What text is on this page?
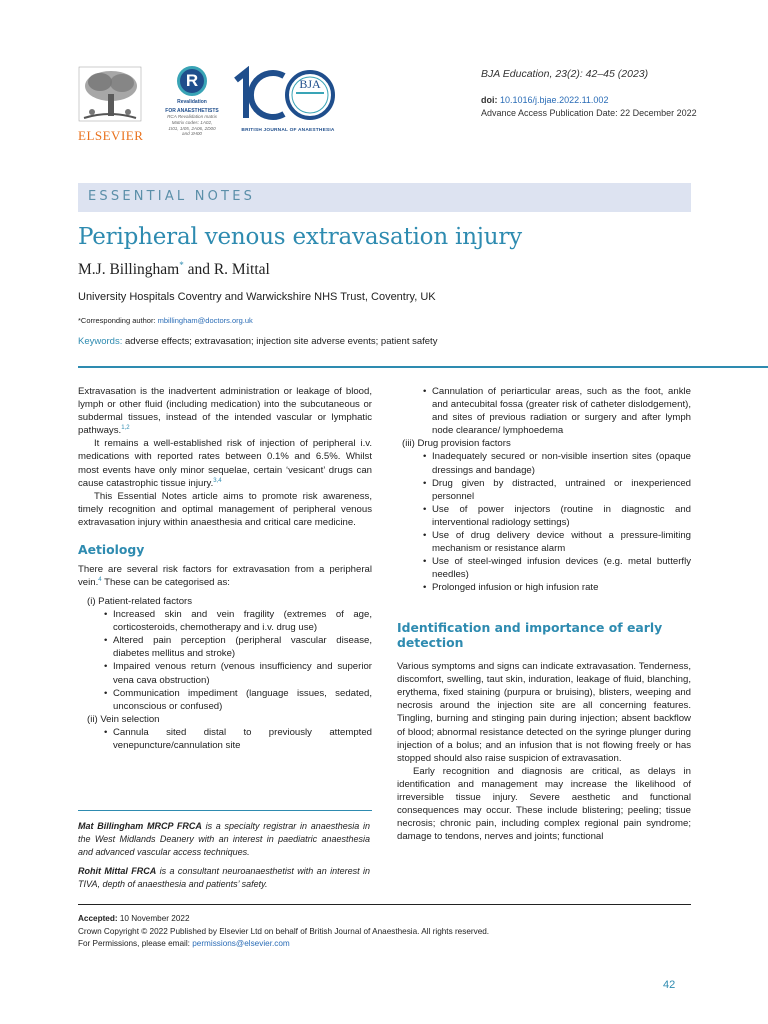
ELSEVIER
R
Revalidation
FOR ANAESTHETISTS
RCA Revalidation matrix
Matrix codes: 1A02,
1I01, 1I05, 2A06, 2D00
and 3H00
BJA
BRITISH JOURNAL OF ANAESTHESIA
BJA Education, 23(2): 42–45 (2023)
doi: 10.1016/j.bjae.2022.11.002
Advance Access Publication Date: 22 December 2022
ESSENTIAL NOTES
Peripheral venous extravasation injury
M.J. Billingham* and R. Mittal
University Hospitals Coventry and Warwickshire NHS Trust, Coventry, UK
*Corresponding author: mbillingham@doctors.org.uk
Keywords: adverse effects; extravasation; injection site adverse events; patient safety

Extravasation is the inadvertent administration or leakage of blood, lymph or other fluid (including medication) into the subcutaneous or subdermal tissues, instead of the intended vascular or lymphatic pathways.$^{1,2}$

It remains a well-established risk of injection of peripheral i.v. medications with reported rates between 0.1% and 6.5%. Whilst most events have only minor sequelae, certain ‘vesicant’ drugs can cause catastrophic tissue injury.$^{3,4}$

This Essential Notes article aims to promote risk awareness, timely recognition and optimal management of peripheral venous extravasation injury within anaesthesia and critical care medicine.

Aetiology

There are several risk factors for extravasation from a peripheral vein.$^4$ These can be categorised as:

(i) Patient-related factors
• Increased skin and vein fragility (extremes of age, corticosteroids, chemotherapy and i.v. drug use)
• Altered pain perception (peripheral vascular disease, diabetes mellitus and stroke)
• Impaired venous return (venous insufficiency and superior vena cava obstruction)
• Communication impediment (language issues, sedated, unconscious or confused)
(ii) Vein selection
• Cannula sited distal to previously attempted venepuncture/cannulation site
• Cannulation of periarticular areas, such as the foot, ankle and antecubital fossa (greater risk of catheter dislodgement), and sites of previous radiation or surgery and after lymph node clearance/ lymphoedema
(iii) Drug provision factors
• Inadequately secured or non-visible insertion sites (opaque dressings and bandage)
• Drug given by distracted, untrained or inexperienced personnel
• Use of power injectors (routine in diagnostic and interventional radiology settings)
• Use of drug delivery device without a pressure-limiting mechanism or resistance alarm
• Use of steel-winged infusion devices (e.g. metal butterfly needles)
• Prolonged infusion or high infusion rate
Identification and importance of early detection

Various symptoms and signs can indicate extravasation. Tenderness, discomfort, swelling, taut skin, induration, leakage of fluid, blanching, erythema, fixed staining (purpura or bruising), blisters, weeping and necrosis around the injection site are all concerning features. Tingling, burning and stinging pain during injection; absent backflow of blood; abnormal resistance detected on the syringe plunger during injection of a bolus; and an infusion that is not flowing freely or has stopped should also raise suspicion of extravasation.

Early recognition and diagnosis are critical, as delays in identification and management may increase the likelihood of irreversible tissue injury. Severe aesthetic and functional consequences may occur. These include blistering; peeling; tissue necrosis; chronic pain, including complex regional pain syndrome; damage to tendons, nerves and joints; functional

Mat Billingham MRCP FRCA is a specialty registrar in anaesthesia in the West Midlands Deanery with an interest in paediatric anaesthesia and advanced vascular access techniques.

Rohit Mittal FRCA is a consultant neuroanaesthetist with an interest in TIVA, depth of anaesthesia and patients’ safety.

Accepted: 10 November 2022
Crown Copyright © 2022 Published by Elsevier Ltd on behalf of British Journal of Anaesthesia. All rights reserved.
For Permissions, please email: permissions@elsevier.com
42
